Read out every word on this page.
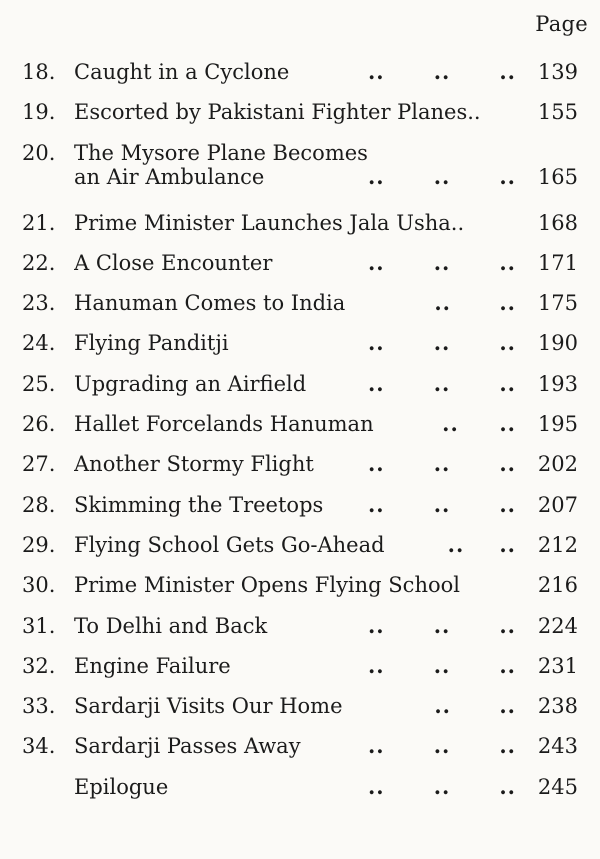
Page
18. Caught in a Cyclone	.. .. ..	139
19. Escorted by Pakistani Fighter Planes..	155
20. The Mysore Plane Becomes
an Air Ambulance	.. .. ..	165
21. Prime Minister Launches Jala Usha..	168
22. A Close Encounter	.. .. ..	171
23. Hanuman Comes to India	.. ..	175
24. Flying Panditji	.. .. ..	190
25. Upgrading an Airfield	.. .. ..	193
26. Hallet Forcelands Hanuman	.. ..	195
27. Another Stormy Flight	.. .. ..	202
28. Skimming the Treetops	.. .. ..	207
29. Flying School Gets Go-Ahead	.. ..	212
30. Prime Minister Opens Flying School	216
31. To Delhi and Back	.. .. ..	224
32. Engine Failure	.. .. ..	231
33. Sardarji Visits Our Home	.. ..	238
34. Sardarji Passes Away	.. .. ..	243
Epilogue	.. .. ..	245
